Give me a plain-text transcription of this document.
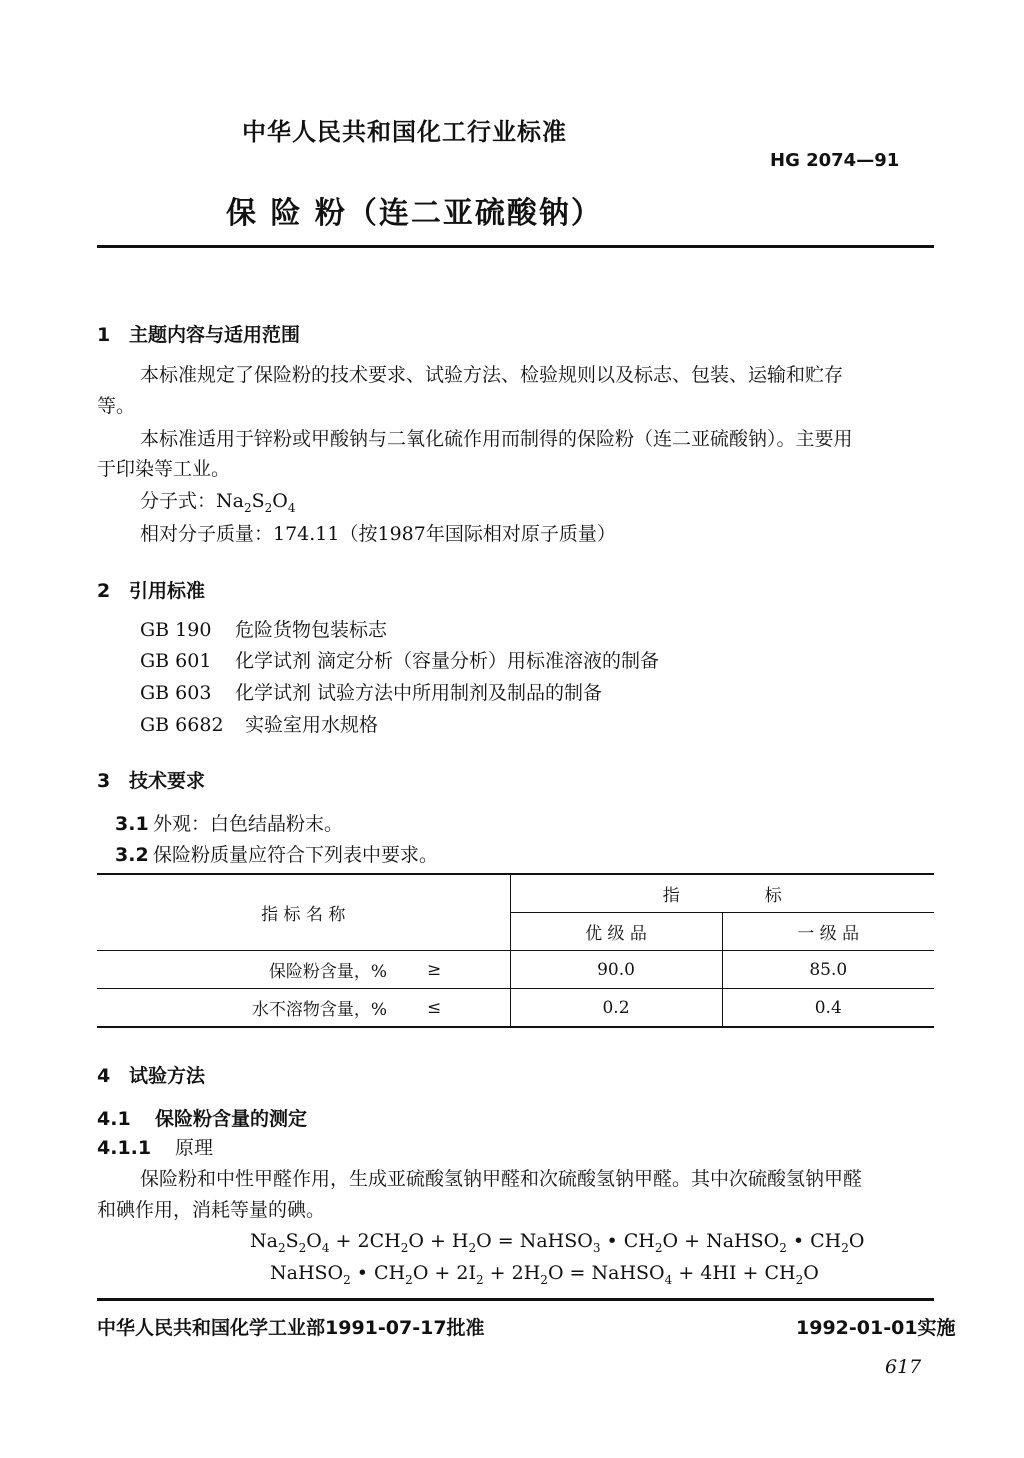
中华人民共和国化工行业标准
HG 2074—91
保 险 粉（连二亚硫酸钠）
1 主题内容与适用范围
本标准规定了保险粉的技术要求、试验方法、检验规则以及标志、包装、运输和贮存
等。
本标准适用于锌粉或甲酸钠与二氧化硫作用而制得的保险粉（连二亚硫酸钠）。主要用
于印染等工业。
分子式：$Na_2S_2O_4$
相对分子质量：174.11（按1987年国际相对原子质量）
2 引用标准
GB 190 危险货物包装标志
GB 601 化学试剂 滴定分析（容量分析）用标准溶液的制备
GB 603 化学试剂 试验方法中所用制剂及制品的制备
GB 6682 实验室用水规格
3 技术要求
3.1 外观：白色结晶粉末。
3.2 保险粉质量应符合下列表中要求。
指 标 名 称		指　　　　　标	
		优 级 品	一 级 品
保险粉含量，%	≥	90.0	85.0
水不溶物含量，%	≤	0.2	0.4
4 试验方法
4.1 保险粉含量的测定
4.1.1 原理
保险粉和中性甲醛作用，生成亚硫酸氢钠甲醛和次硫酸氢钠甲醛。其中次硫酸氢钠甲醛
和碘作用，消耗等量的碘。
$Na_2S_2O_4 + 2CH_2O + H_2O$ = NaHSO$_3$ • $CH_2O$ + NaHSO$_2$ • $CH_2O$
NaHSO$_2$ • $CH_2O + 2I_2 + 2H_2O$ = NaHSO$_4$ + $4HI + CH_2O$
中华人民共和国化学工业部1991-07-17批准	1992-01-01实施
617
